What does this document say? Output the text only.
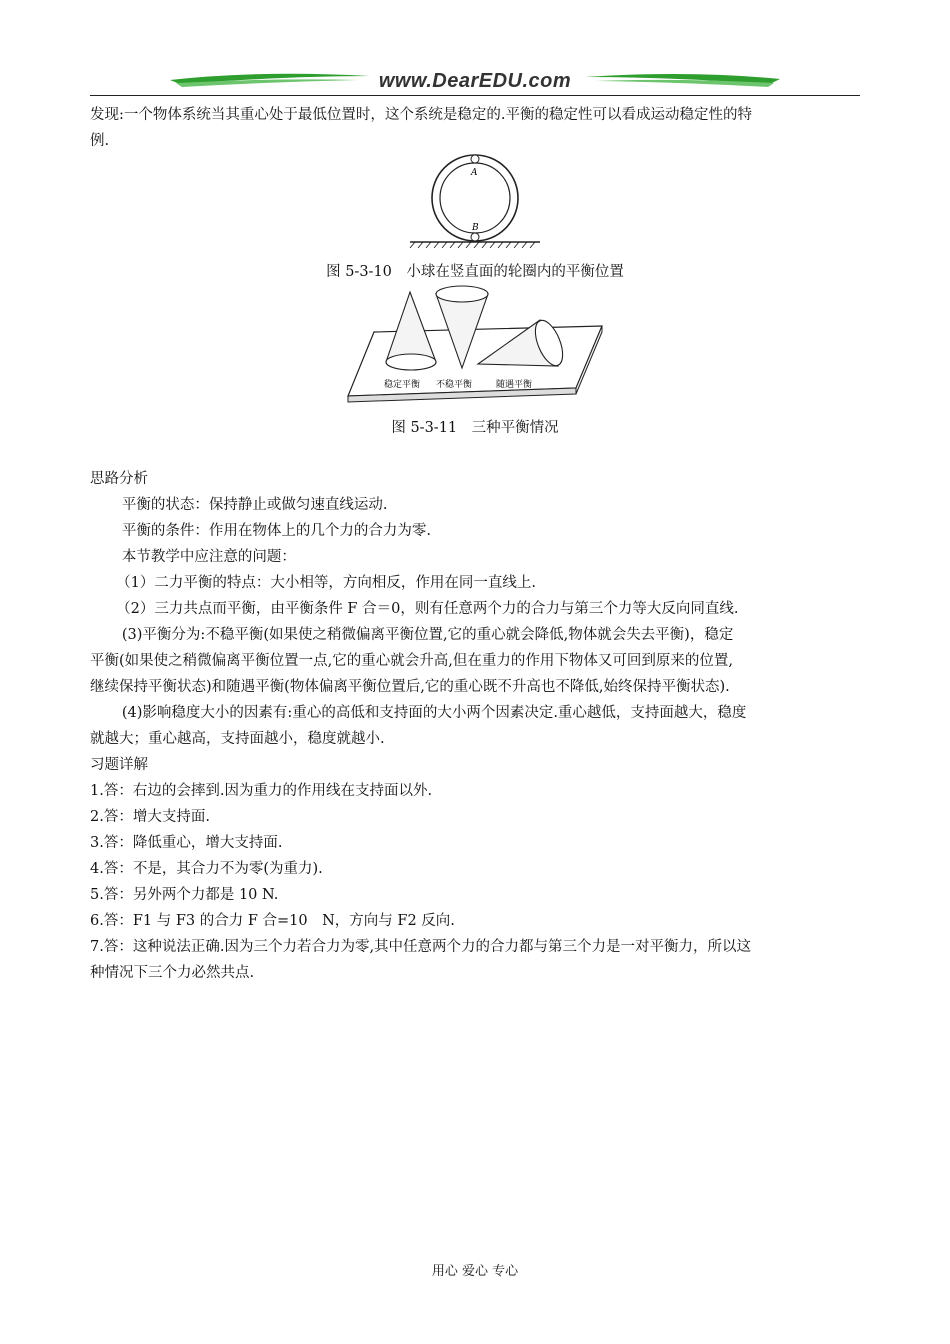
www.DearEDU.com

发现:一个物体系统当其重心处于最低位置时，这个系统是稳定的.平衡的稳定性可以看成运动稳定性的特

例.

A
B
图 5-3-10　小球在竖直面的轮圈内的平衡位置
稳定平衡 不稳平衡	随遇平衡
图 5-3-11　三种平衡情况

思路分析

平衡的状态：保持静止或做匀速直线运动.

平衡的条件：作用在物体上的几个力的合力为零.

本节教学中应注意的问题：

（1）二力平衡的特点：大小相等，方向相反，作用在同一直线上.

（2）三力共点而平衡，由平衡条件 F 合＝0，则有任意两个力的合力与第三个力等大反向同直线.

(3)平衡分为:不稳平衡(如果使之稍微偏离平衡位置,它的重心就会降低,物体就会失去平衡)，稳定

平衡(如果使之稍微偏离平衡位置一点,它的重心就会升高,但在重力的作用下物体又可回到原来的位置,

继续保持平衡状态)和随遇平衡(物体偏离平衡位置后,它的重心既不升高也不降低,始终保持平衡状态).

(4)影响稳度大小的因素有:重心的高低和支持面的大小两个因素决定.重心越低，支持面越大，稳度

就越大；重心越高，支持面越小，稳度就越小.

习题详解

1.答：右边的会摔到.因为重力的作用线在支持面以外.

2.答：增大支持面.

3.答：降低重心，增大支持面.

4.答：不是，其合力不为零(为重力).

5.答：另外两个力都是 10 N.

6.答：F1 与 F3 的合力 F 合=10　N，方向与 F2 反向.

7.答：这种说法正确.因为三个力若合力为零,其中任意两个力的合力都与第三个力是一对平衡力，所以这

种情况下三个力必然共点.

用心 爱心 专心
